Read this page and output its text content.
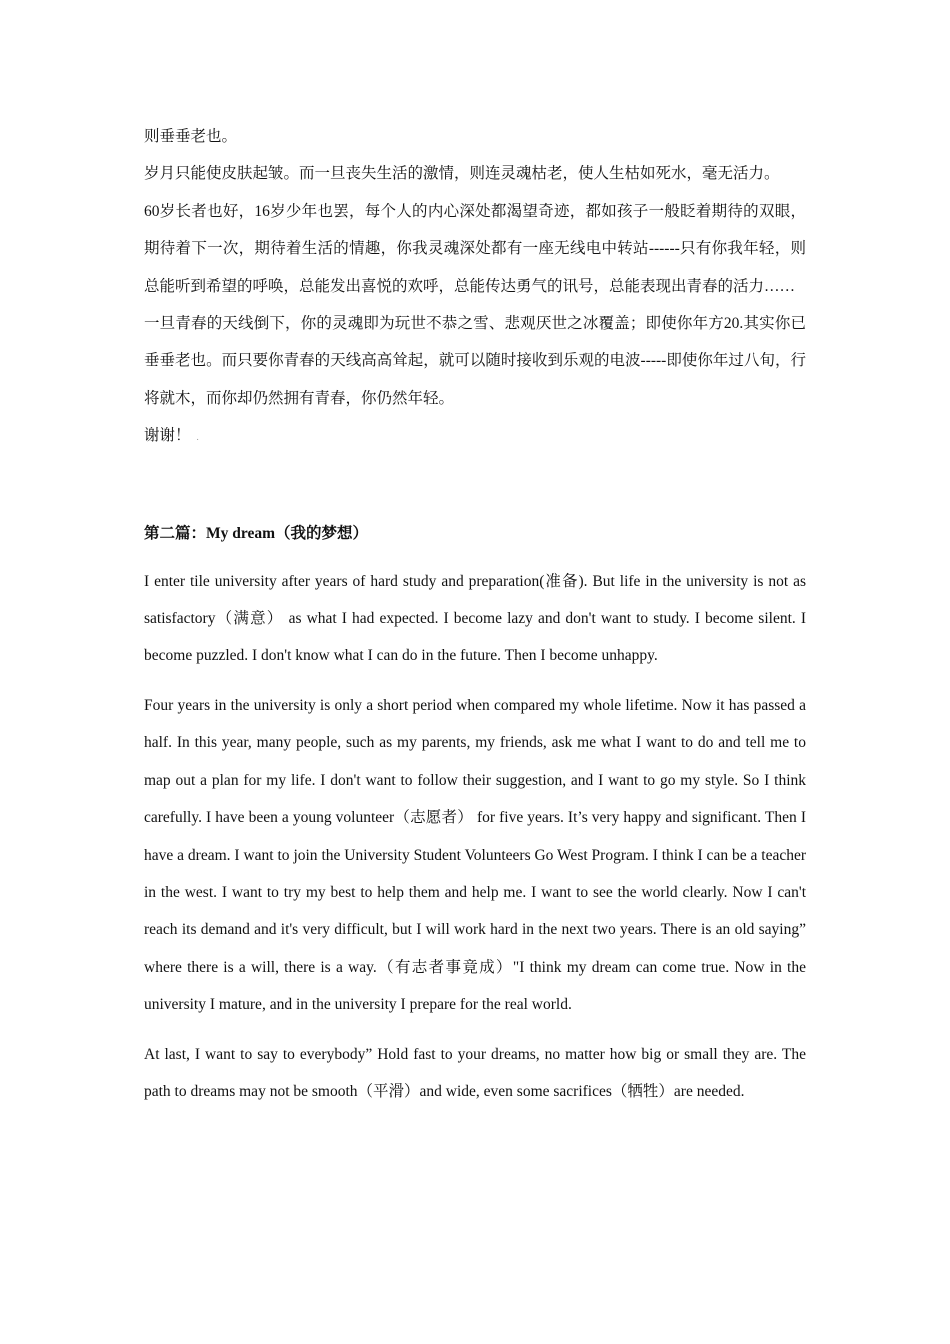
则垂垂老也。

岁月只能使皮肤起皱。而一旦丧失生活的激情，则连灵魂枯老，使人生枯如死水，毫无活力。

60岁长者也好，16岁少年也罢，每个人的内心深处都渴望奇迹，都如孩子一般眨着期待的双眼，期待着下一次，期待着生活的情趣，你我灵魂深处都有一座无线电中转站------只有你我年轻，则总能听到希望的呼唤，总能发出喜悦的欢呼，总能传达勇气的讯号，总能表现出青春的活力……

一旦青春的天线倒下，你的灵魂即为玩世不恭之雪、悲观厌世之冰覆盖；即使你年方20.其实你已垂垂老也。而只要你青春的天线高高耸起，就可以随时接收到乐观的电波-----即使你年过八旬，行将就木，而你却仍然拥有青春，你仍然年轻。

谢谢！ .

第二篇：My dream（我的梦想）

I enter tile university after years of hard study and preparation(准备). But life in the university is not as satisfactory（满意） as what I had expected. I become lazy and don't want to study. I become silent. I become puzzled. I don't know what I can do in the future. Then I become unhappy.

Four years in the university is only a short period when compared my whole lifetime. Now it has passed a half. In this year, many people, such as my parents, my friends, ask me what I want to do and tell me to map out a plan for my life. I don't want to follow their suggestion, and I want to go my style. So I think carefully. I have been a young volunteer（志愿者） for five years. It’s very happy and significant. Then I have a dream. I want to join the University Student Volunteers Go West Program. I think I can be a teacher in the west. I want to try my best to help them and help me. I want to see the world clearly. Now I can't reach its demand and it's very difficult, but I will work hard in the next two years. There is an old saying” where there is a will, there is a way.（有志者事竟成）"I think my dream can come true. Now in the university I mature, and in the university I prepare for the real world.

At last, I want to say to everybody” Hold fast to your dreams, no matter how big or small they are. The path to dreams may not be smooth（平滑）and wide, even some sacrifices（牺牲）are needed.
